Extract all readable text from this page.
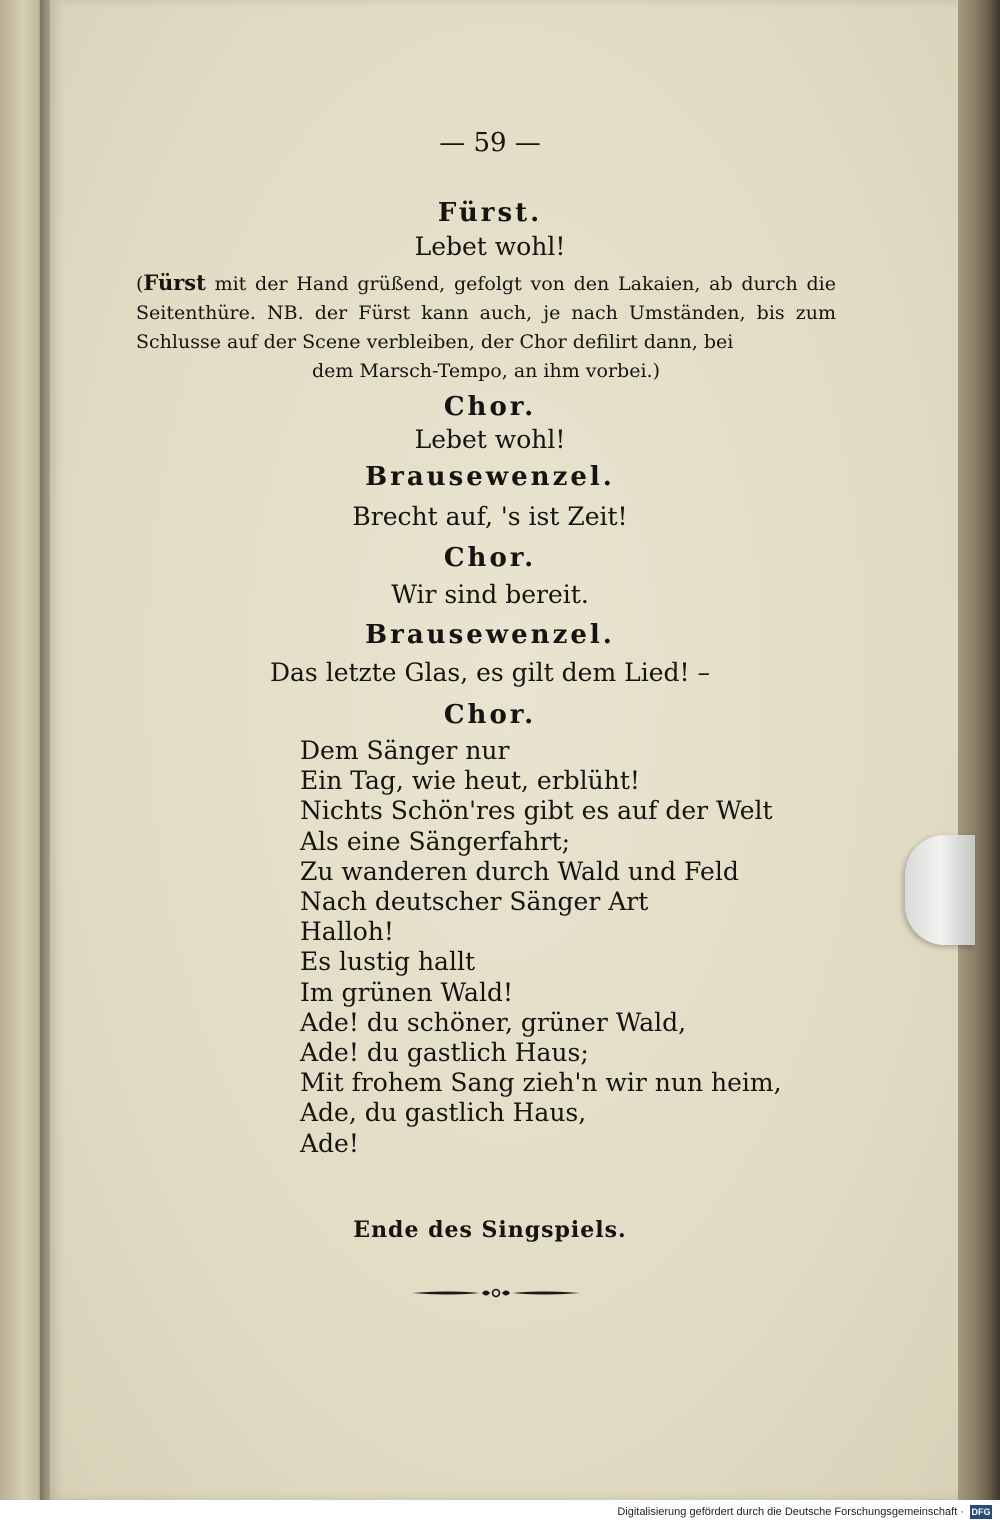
— 59 —
Fürst.
Lebet wohl!
(Fürst mit der Hand grüßend, gefolgt von den Lakaien, ab durch die Seitenthüre. NB. der Fürst kann auch, je nach Umständen, bis zum Schlusse auf der Scene verbleiben, der Chor defilirt dann, bei
dem Marsch-Tempo, an ihm vorbei.)
Chor.
Lebet wohl!
Brausewenzel.
Brecht auf, 's ist Zeit!
Chor.
Wir sind bereit.
Brausewenzel.
Das letzte Glas, es gilt dem Lied! –
Chor.
Dem Sänger nur
Ein Tag, wie heut, erblüht!
Nichts Schön'res gibt es auf der Welt
Als eine Sängerfahrt;
Zu wanderen durch Wald und Feld
Nach deutscher Sänger Art
Halloh!
Es lustig hallt
Im grünen Wald!
Ade! du schöner, grüner Wald,
Ade! du gastlich Haus;
Mit frohem Sang zieh'n wir nun heim,
Ade, du gastlich Haus,
Ade!
Ende des Singspiels.
Digitalisierung gefördert durch die Deutsche Forschungsgemeinschaft · DFG
